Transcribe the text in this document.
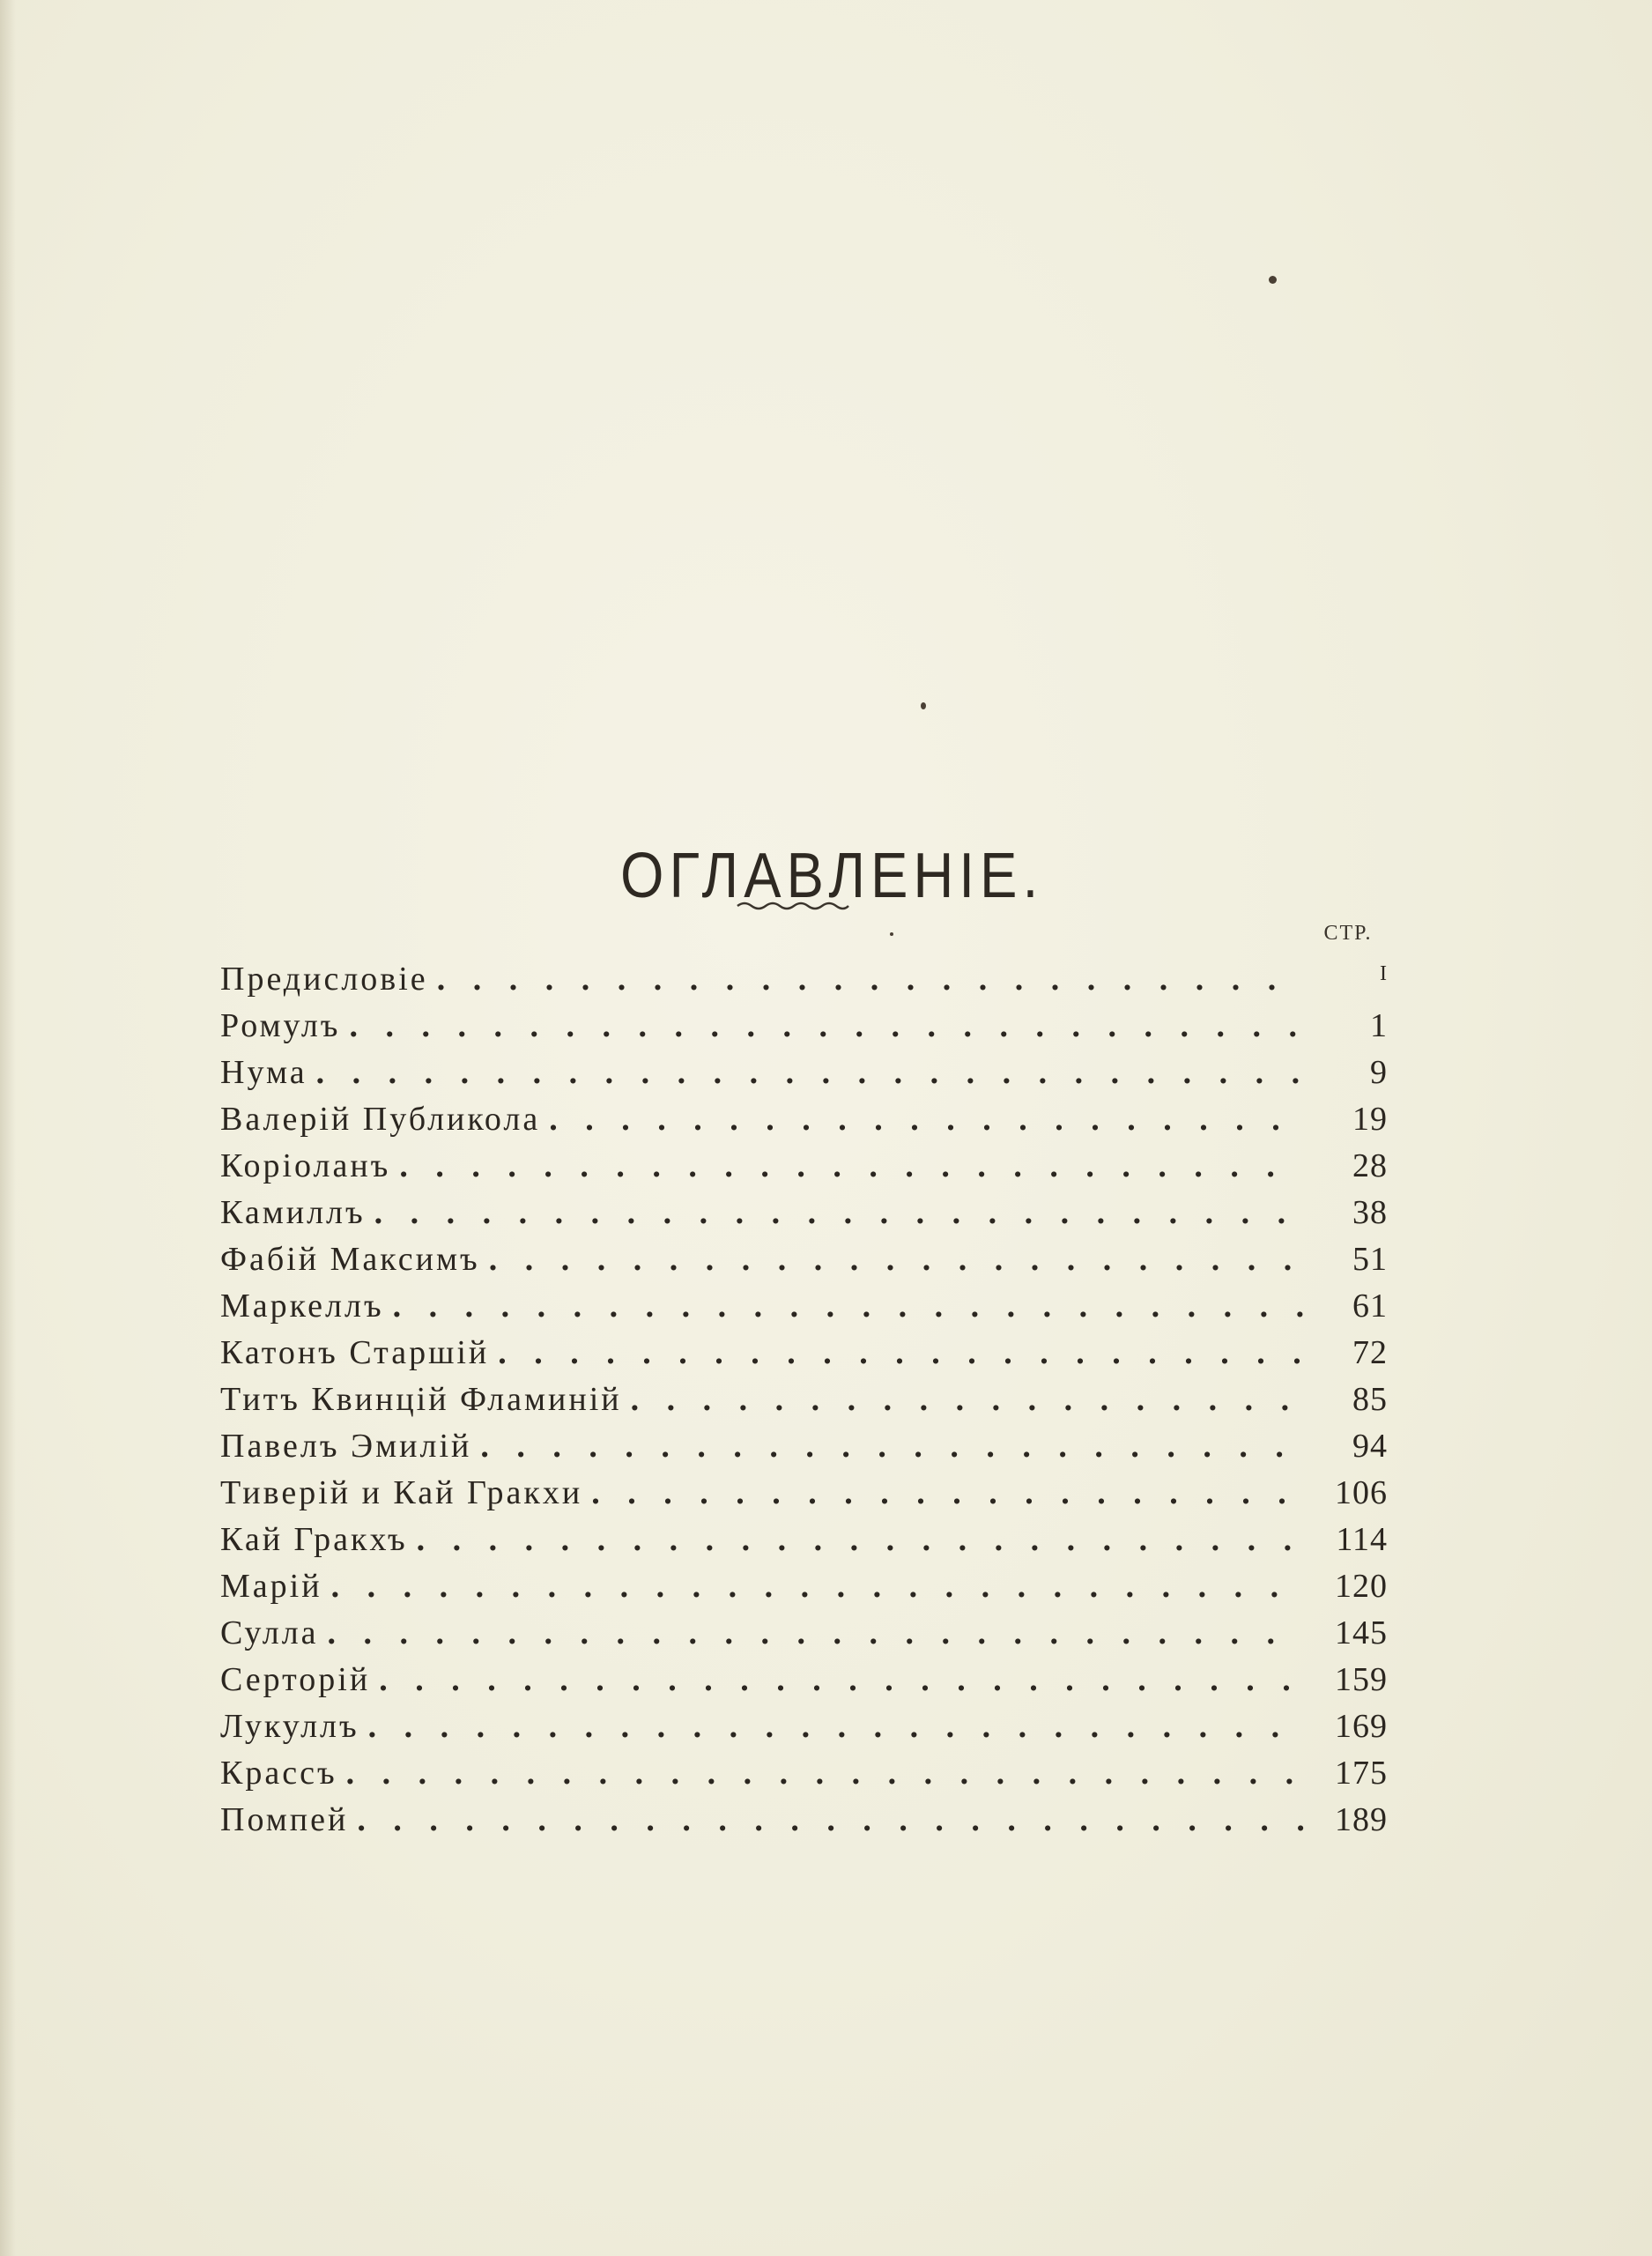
ОГЛАВЛЕНІЕ.
СТР.
Предисловіе . . .	I
Ромулъ . . .	1
Нума . . .	9
Валерій Публикола . . .	19
Коріоланъ . . .	28
Камиллъ . . .	38
Фабій Максимъ . . .	51
Маркеллъ . . .	61
Катонъ Старшій . . .	72
Титъ Квинцій Фламиній . . .	85
Павелъ Эмилій . . .	94
Тиверій и Кай Гракхи . . .	106
Кай Гракхъ . . .	114
Марій . . .	120
Сулла . . .	145
Серторій . . .	159
Лукуллъ . . .	169
Крассъ . . .	175
Помпей . . .	189
